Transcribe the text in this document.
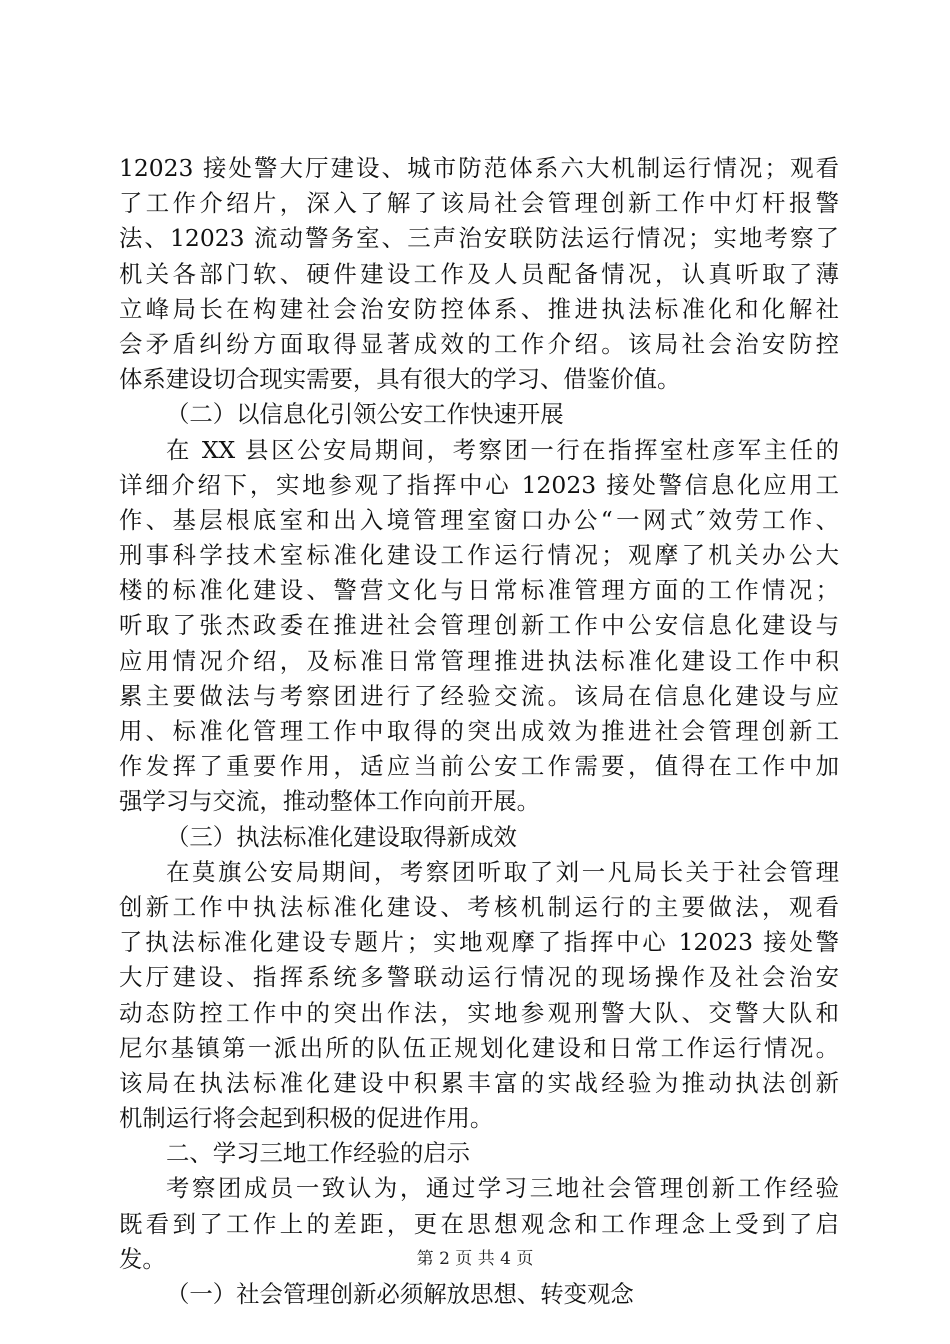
12023 接处警大厅建设、城市防范体系六大机制运行情况；观看
了工作介绍片，深入了解了该局社会管理创新工作中灯杆报警
法、12023 流动警务室、三声治安联防法运行情况；实地考察了
机关各部门软、硬件建设工作及人员配备情况，认真听取了薄
立峰局长在构建社会治安防控体系、推进执法标准化和化解社
会矛盾纠纷方面取得显著成效的工作介绍。该局社会治安防控
体系建设切合现实需要，具有很大的学习、借鉴价值。
（二）以信息化引领公安工作快速开展
在 XX 县区公安局期间，考察团一行在指挥室杜彦军主任的
详细介绍下，实地参观了指挥中心 12023 接处警信息化应用工
作、基层根底室和出入境管理室窗口办公“一网式″效劳工作、
刑事科学技术室标准化建设工作运行情况；观摩了机关办公大
楼的标准化建设、警营文化与日常标准管理方面的工作情况；
听取了张杰政委在推进社会管理创新工作中公安信息化建设与
应用情况介绍，及标准日常管理推进执法标准化建设工作中积
累主要做法与考察团进行了经验交流。该局在信息化建设与应
用、标准化管理工作中取得的突出成效为推进社会管理创新工
作发挥了重要作用，适应当前公安工作需要，值得在工作中加
强学习与交流，推动整体工作向前开展。
（三）执法标准化建设取得新成效
在莫旗公安局期间，考察团听取了刘一凡局长关于社会管理
创新工作中执法标准化建设、考核机制运行的主要做法，观看
了执法标准化建设专题片；实地观摩了指挥中心 12023 接处警
大厅建设、指挥系统多警联动运行情况的现场操作及社会治安
动态防控工作中的突出作法，实地参观刑警大队、交警大队和
尼尔基镇第一派出所的队伍正规划化建设和日常工作运行情况。
该局在执法标准化建设中积累丰富的实战经验为推动执法创新
机制运行将会起到积极的促进作用。
二、学习三地工作经验的启示
考察团成员一致认为，通过学习三地社会管理创新工作经验
既看到了工作上的差距，更在思想观念和工作理念上受到了启
发。
（一）社会管理创新必须解放思想、转变观念
第 2 页 共 4 页
